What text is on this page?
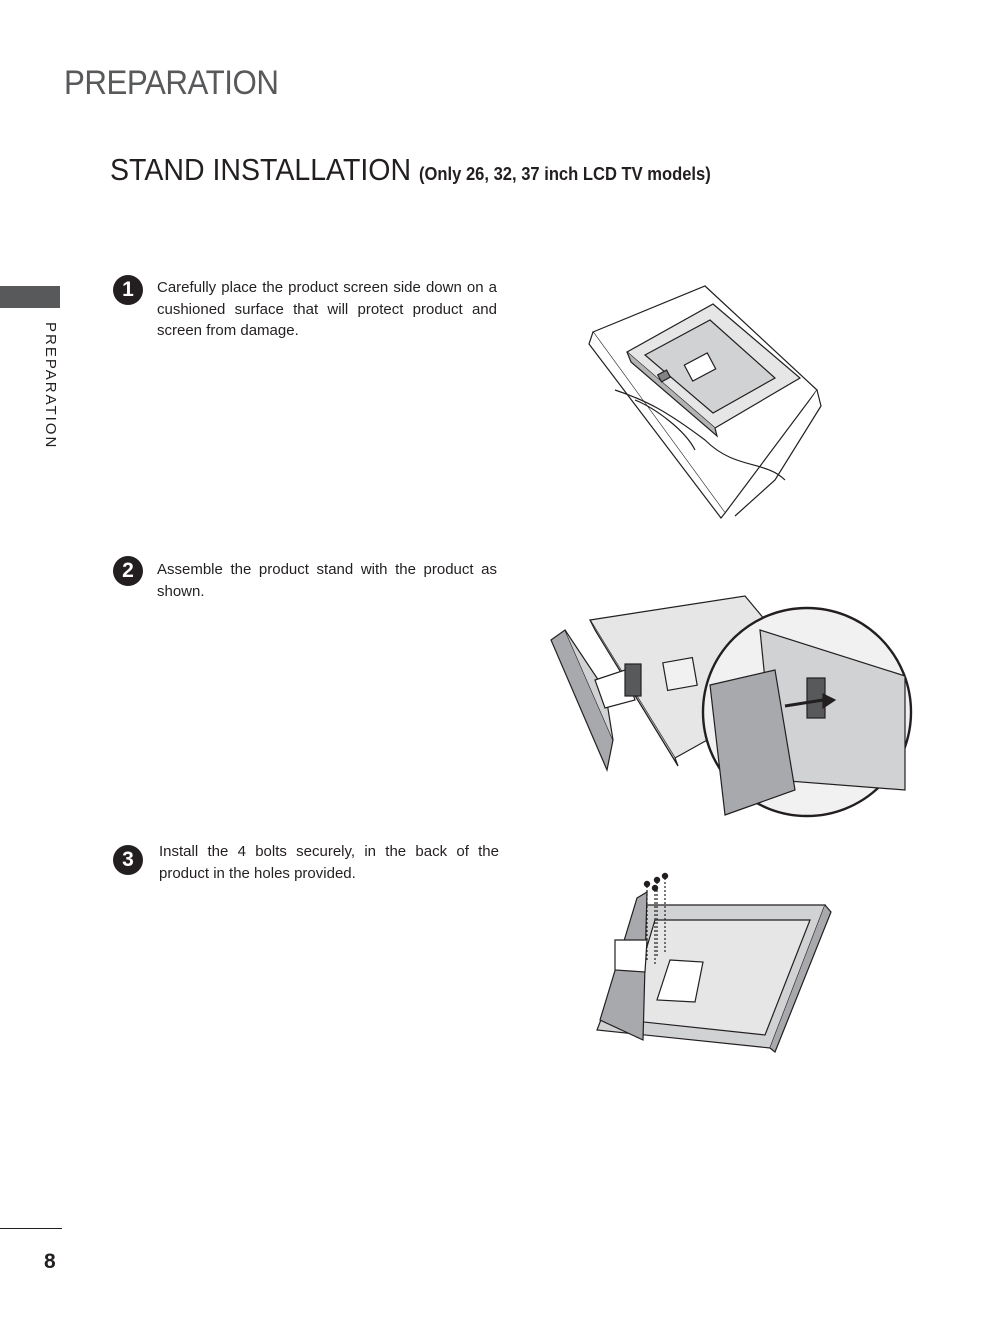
PREPARATION
STAND INSTALLATION (Only 26, 32, 37 inch LCD TV models)
PREPARATION
1	Carefully place the product screen side down on a cushioned surface that will protect product and screen from damage.
2	Assemble the product stand with the product as shown.
3	Install the 4 bolts securely, in the back of the product in the holes provided.
8
